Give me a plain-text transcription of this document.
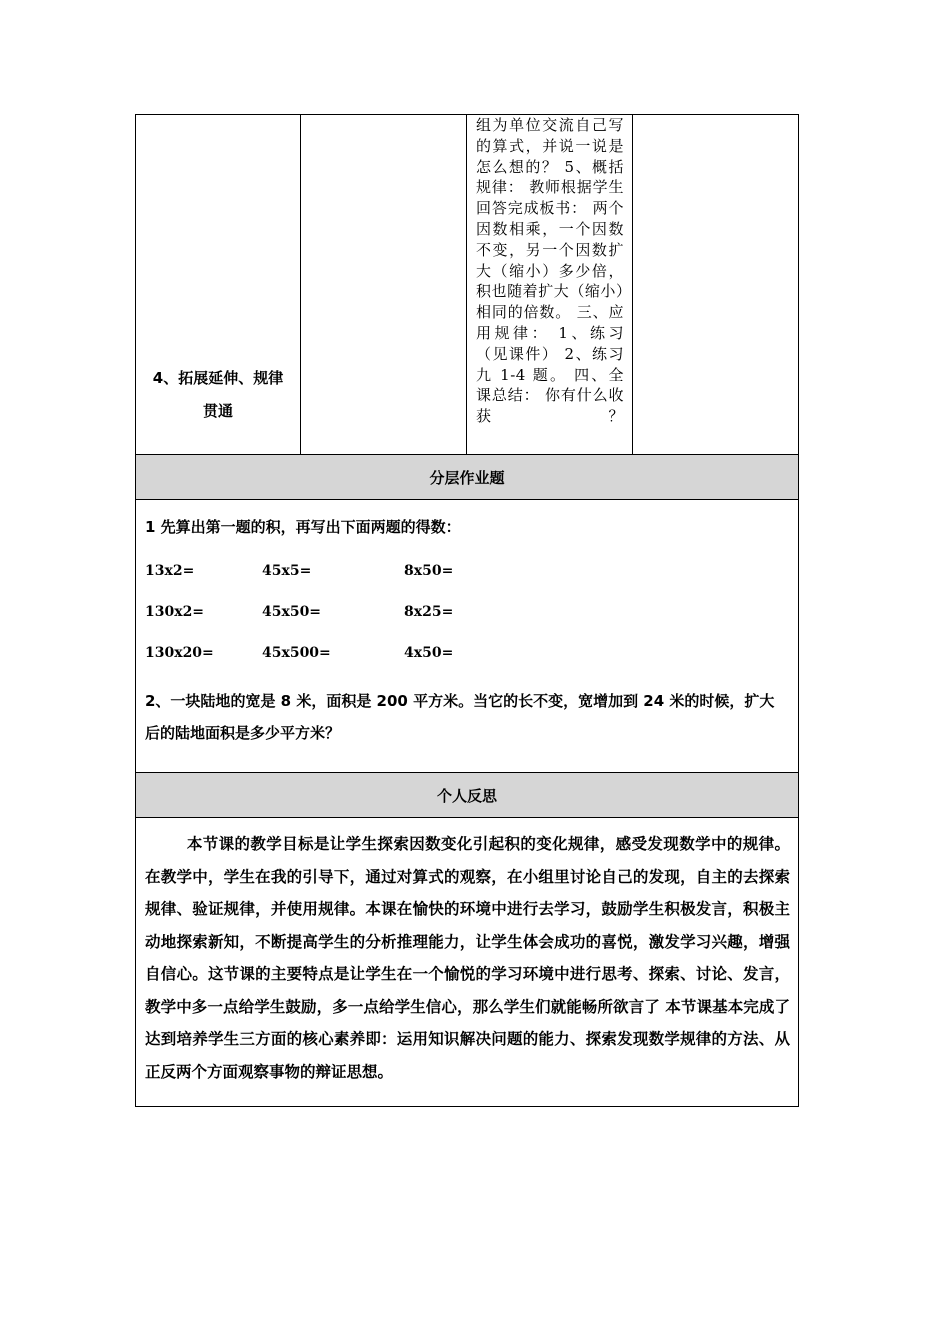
4、拓展延伸、规律
贯通

组为单位交流自己写的算式，并说一说是怎么想的？ 5、概括规律： 教师根据学生回答完成板书： 两个因数相乘，一个因数不变，另一个因数扩大（缩小）多少倍，积也随着扩大（缩小）相同的倍数。 三、应用规律： 1、练习（见课件） 2、练习九 1-4 题。 四、全课总结： 你有什么收获？

分层作业题

1 先算出第一题的积，再写出下面两题的得数：

13x2=	45x5=	8x50=
130x2=	45x50=	8x25=
130x20=	45x500=	4x50=

2、一块陆地的宽是 8 米，面积是 200 平方米。当它的长不变，宽增加到 24 米的时候，扩大后的陆地面积是多少平方米？

个人反思

本节课的教学目标是让学生探索因数变化引起积的变化规律，感受发现数学中的规律。在教学中，学生在我的引导下，通过对算式的观察，在小组里讨论自己的发现，自主的去探索规律、验证规律，并使用规律。本课在愉快的环境中进行去学习，鼓励学生积极发言，积极主动地探索新知，不断提高学生的分析推理能力，让学生体会成功的喜悦，激发学习兴趣，增强自信心。这节课的主要特点是让学生在一个愉悦的学习环境中进行思考、探索、讨论、发言，教学中多一点给学生鼓励，多一点给学生信心，那么学生们就能畅所欲言了 本节课基本完成了达到培养学生三方面的核心素养即：运用知识解决问题的能力、探索发现数学规律的方法、从正反两个方面观察事物的辩证思想。
